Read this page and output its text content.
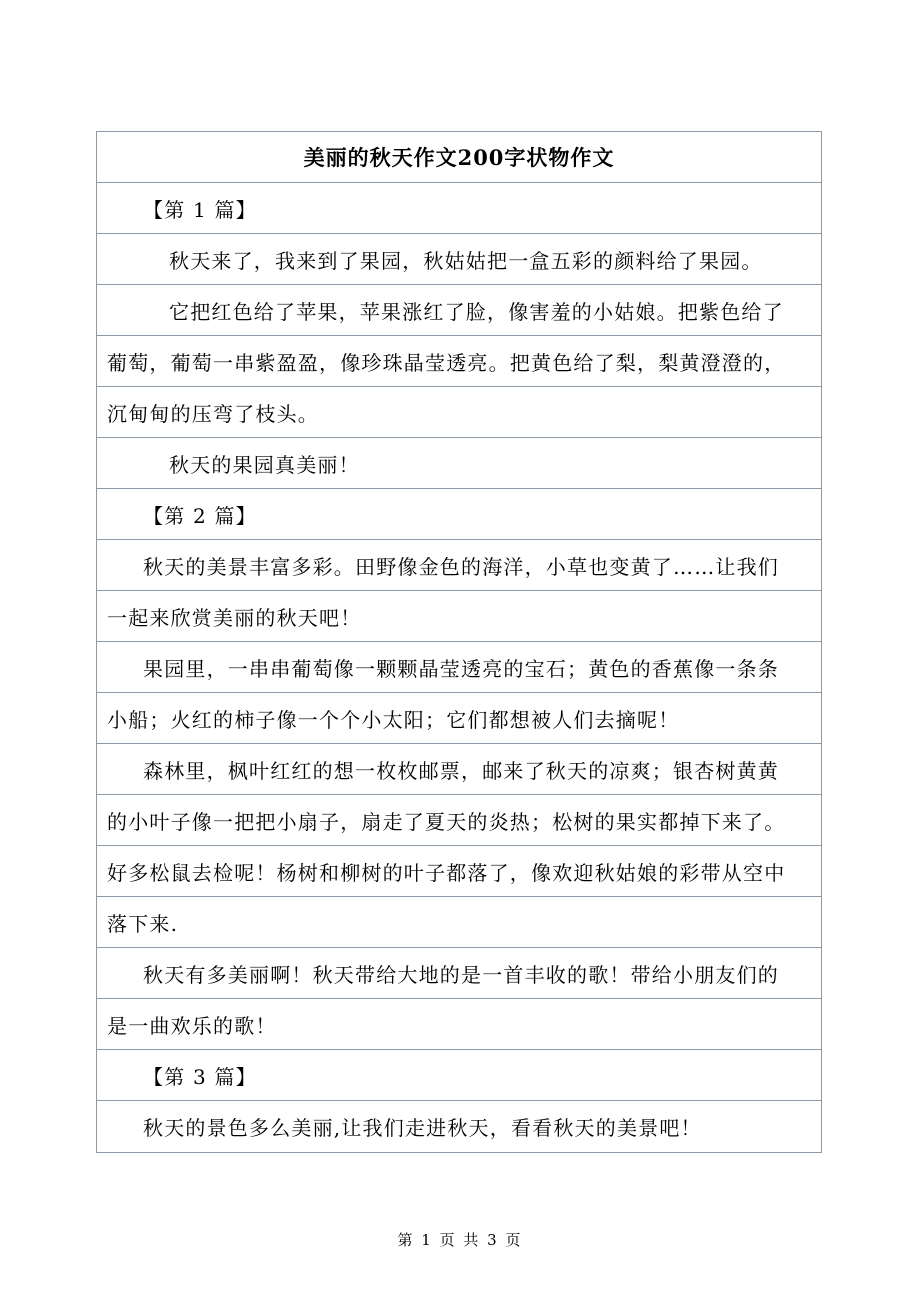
美丽的秋天作文200字状物作文
【第 1 篇】
秋天来了，我来到了果园，秋姑姑把一盒五彩的颜料给了果园。
它把红色给了苹果，苹果涨红了脸，像害羞的小姑娘。把紫色给了
葡萄，葡萄一串紫盈盈，像珍珠晶莹透亮。把黄色给了梨，梨黄澄澄的，
沉甸甸的压弯了枝头。
秋天的果园真美丽！
【第 2 篇】
秋天的美景丰富多彩。田野像金色的海洋，小草也变黄了……让我们
一起来欣赏美丽的秋天吧！
果园里，一串串葡萄像一颗颗晶莹透亮的宝石；黄色的香蕉像一条条
小船；火红的柿子像一个个小太阳；它们都想被人们去摘呢！
森林里，枫叶红红的想一枚枚邮票，邮来了秋天的凉爽；银杏树黄黄
的小叶子像一把把小扇子，扇走了夏天的炎热；松树的果实都掉下来了。
好多松鼠去检呢！杨树和柳树的叶子都落了，像欢迎秋姑娘的彩带从空中
落下来.
秋天有多美丽啊！秋天带给大地的是一首丰收的歌！带给小朋友们的
是一曲欢乐的歌！
【第 3 篇】
秋天的景色多么美丽,让我们走进秋天，看看秋天的美景吧！
第 1 页 共 3 页
